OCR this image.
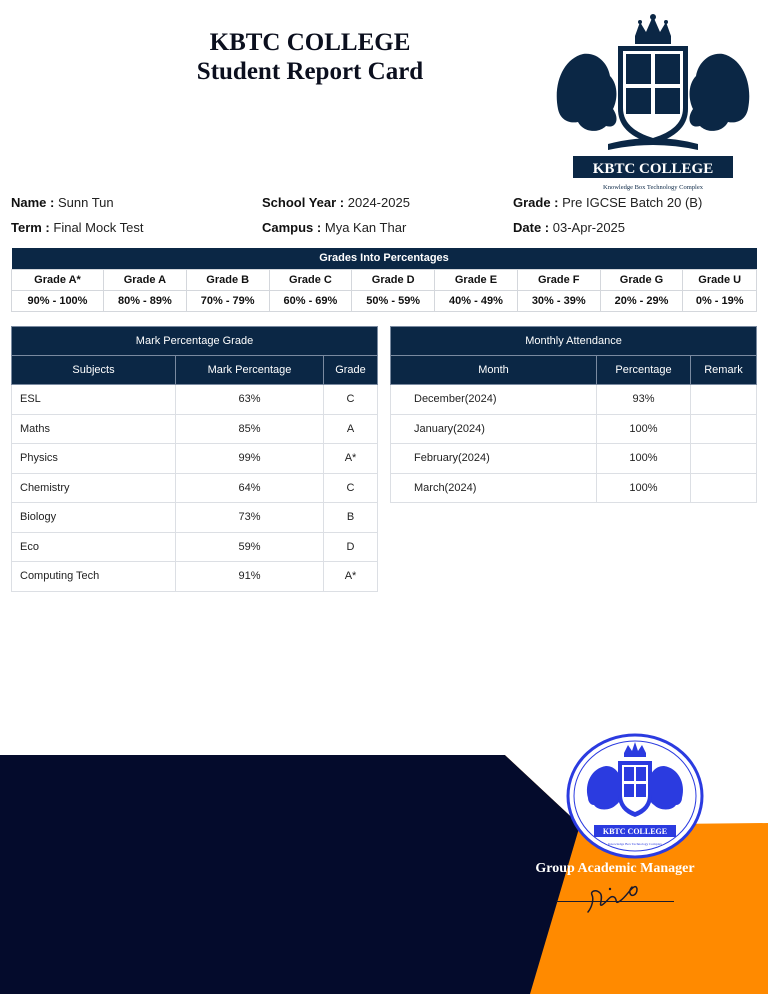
KBTC COLLEGE
Student Report Card
KBTC COLLEGE
Knowledge Box Technology Complex
Name : Sunn Tun	School Year : 2024-2025	Grade : Pre IGCSE Batch 20 (B)
Term : Final Mock Test	Campus : Mya Kan Thar	Date : 03-Apr-2025
Grades Into Percentages								
Grade A*	Grade A	Grade B	Grade C	Grade D	Grade E	Grade F	Grade G	Grade U
90% - 100%	80% - 89%	70% - 79%	60% - 69%	50% - 59%	40% - 49%	30% - 39%	20% - 29%	0% - 19%
Mark Percentage Grade		
Subjects	Mark Percentage	Grade
ESL	63%	C
Maths	85%	A
Physics	99%	A*
Chemistry	64%	C
Biology	73%	B
Eco	59%	D
Computing Tech	91%	A*
Monthly Attendance		
Month	Percentage	Remark
December(2024)	93%	
January(2024)	100%	
February(2024)	100%	
March(2024)	100%	
KBTC COLLEGE
Knowledge Box Technology Complex
Group Academic Manager
